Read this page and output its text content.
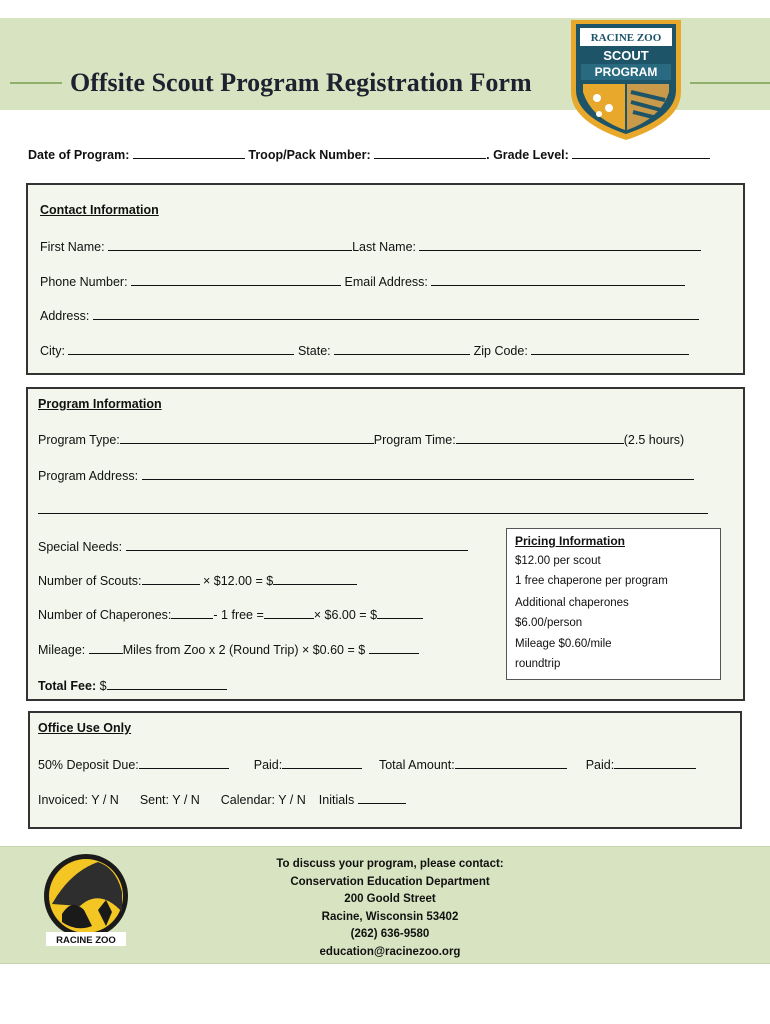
Offsite Scout Program Registration Form
RACINE ZOO
SCOUT
PROGRAM
Date of Program:	Troop/Pack Number:	. Grade Level:
Contact Information
First Name:	Last Name:
Phone Number:	Email Address:
Address:
City:	State:	Zip Code:
Program Information
Program Type:	Program Time:	(2.5 hours)
Program Address:
Special Needs:
Number of Scouts:	× $12.00 = $
Number of Chaperones:	- 1 free =	× $6.00 = $
Mileage:	Miles from Zoo x 2 (Round Trip) × $0.60 = $
Total Fee: $
Pricing Information
$12.00 per scout
1 free chaperone per program
Additional chaperones
$6.00/person
Mileage $0.60/mile
roundtrip
Office Use Only
50% Deposit Due:	Paid:	Total Amount:	Paid:
Invoiced: Y / N Sent: Y / N Calendar: Y / N Initials
RACINE ZOO
To discuss your program, please contact:
Conservation Education Department
200 Goold Street
Racine, Wisconsin 53402
(262) 636-9580
education@racinezoo.org
